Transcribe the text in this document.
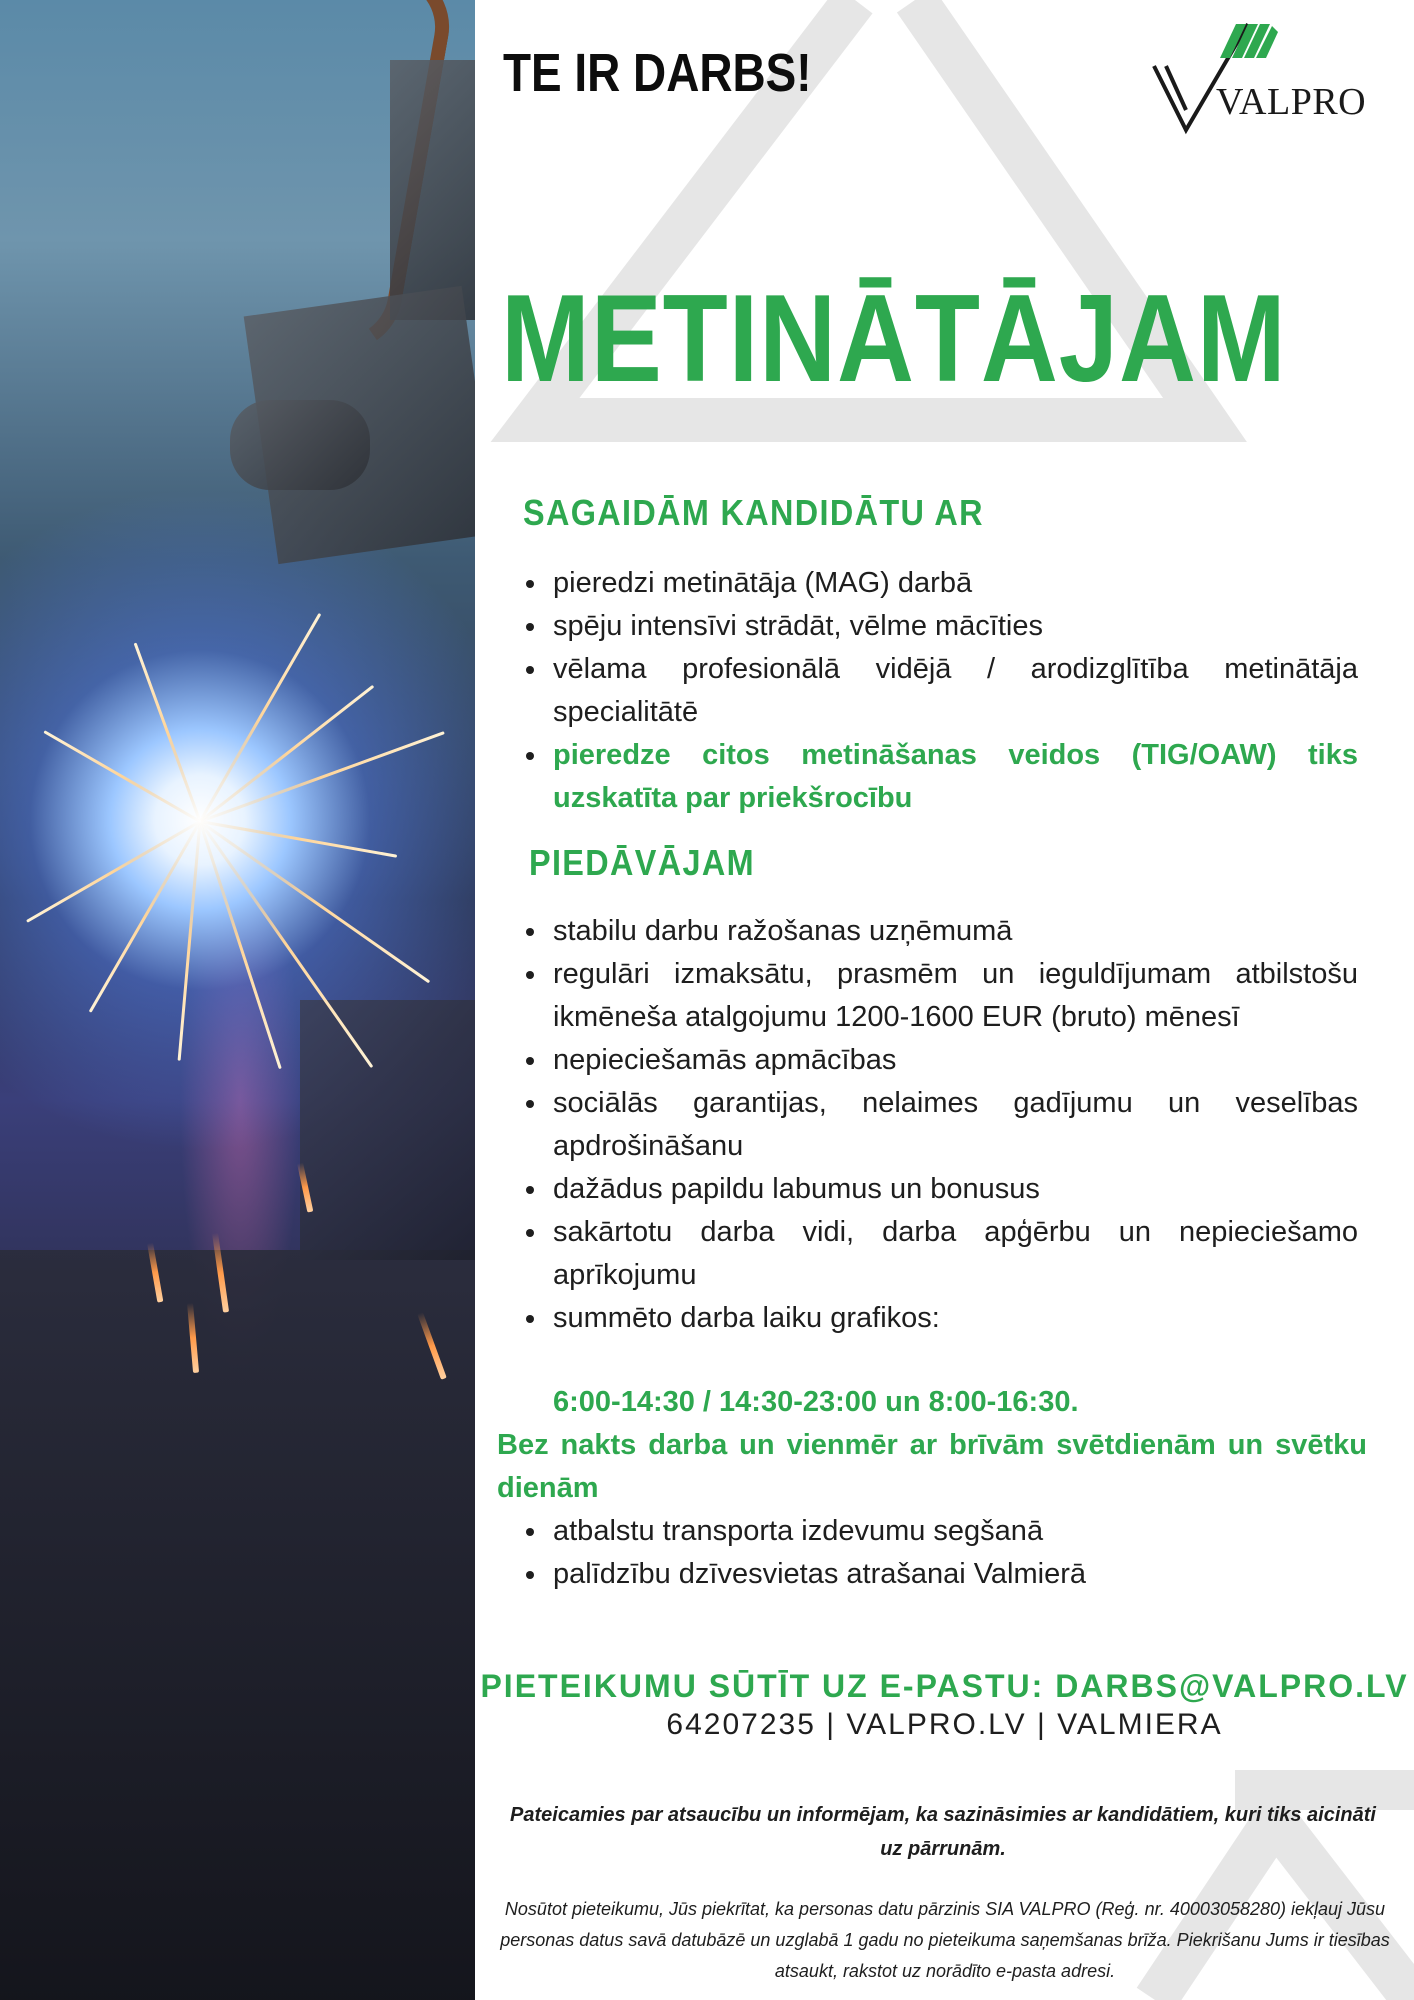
TE IR DARBS!	VALPRO
METINĀTĀJAM
SAGAIDĀM KANDIDĀTU AR
pieredzi metinātāja (MAG) darbā
spēju intensīvi strādāt, vēlme mācīties
vēlama profesionālā vidējā / arodizglītība metinātāja specialitātē
pieredze citos metināšanas veidos (TIG/OAW) tiks uzskatīta par priekšrocību
PIEDĀVĀJAM
stabilu darbu ražošanas uzņēmumā
regulāri izmaksātu, prasmēm un ieguldījumam atbilstošu ikmēneša atalgojumu 1200-1600 EUR (bruto) mēnesī
nepieciešamās apmācības
sociālās garantijas, nelaimes gadījumu un veselības apdrošināšanu
dažādus papildu labumus un bonusus
sakārtotu darba vidi, darba apģērbu un nepieciešamo aprīkojumu
summēto darba laiku grafikos:
6:00-14:30 / 14:30-23:00 un 8:00-16:30.
Bez nakts darba un vienmēr ar brīvām svētdienām un svētku dienām
atbalstu transporta izdevumu segšanā
palīdzību dzīvesvietas atrašanai Valmierā
PIETEIKUMU SŪTĪT UZ E-PASTU: DARBS@VALPRO.LV
64207235 | VALPRO.LV | VALMIERA
Pateicamies par atsaucību un informējam, ka sazināsimies ar kandidātiem, kuri tiks aicināti uz pārrunām.
Nosūtot pieteikumu, Jūs piekrītat, ka personas datu pārzinis SIA VALPRO (Reģ. nr. 40003058280) iekļauj Jūsu personas datus savā datubāzē un uzglabā 1 gadu no pieteikuma saņemšanas brīža. Piekrišanu Jums ir tiesības atsaukt, rakstot uz norādīto e-pasta adresi.
